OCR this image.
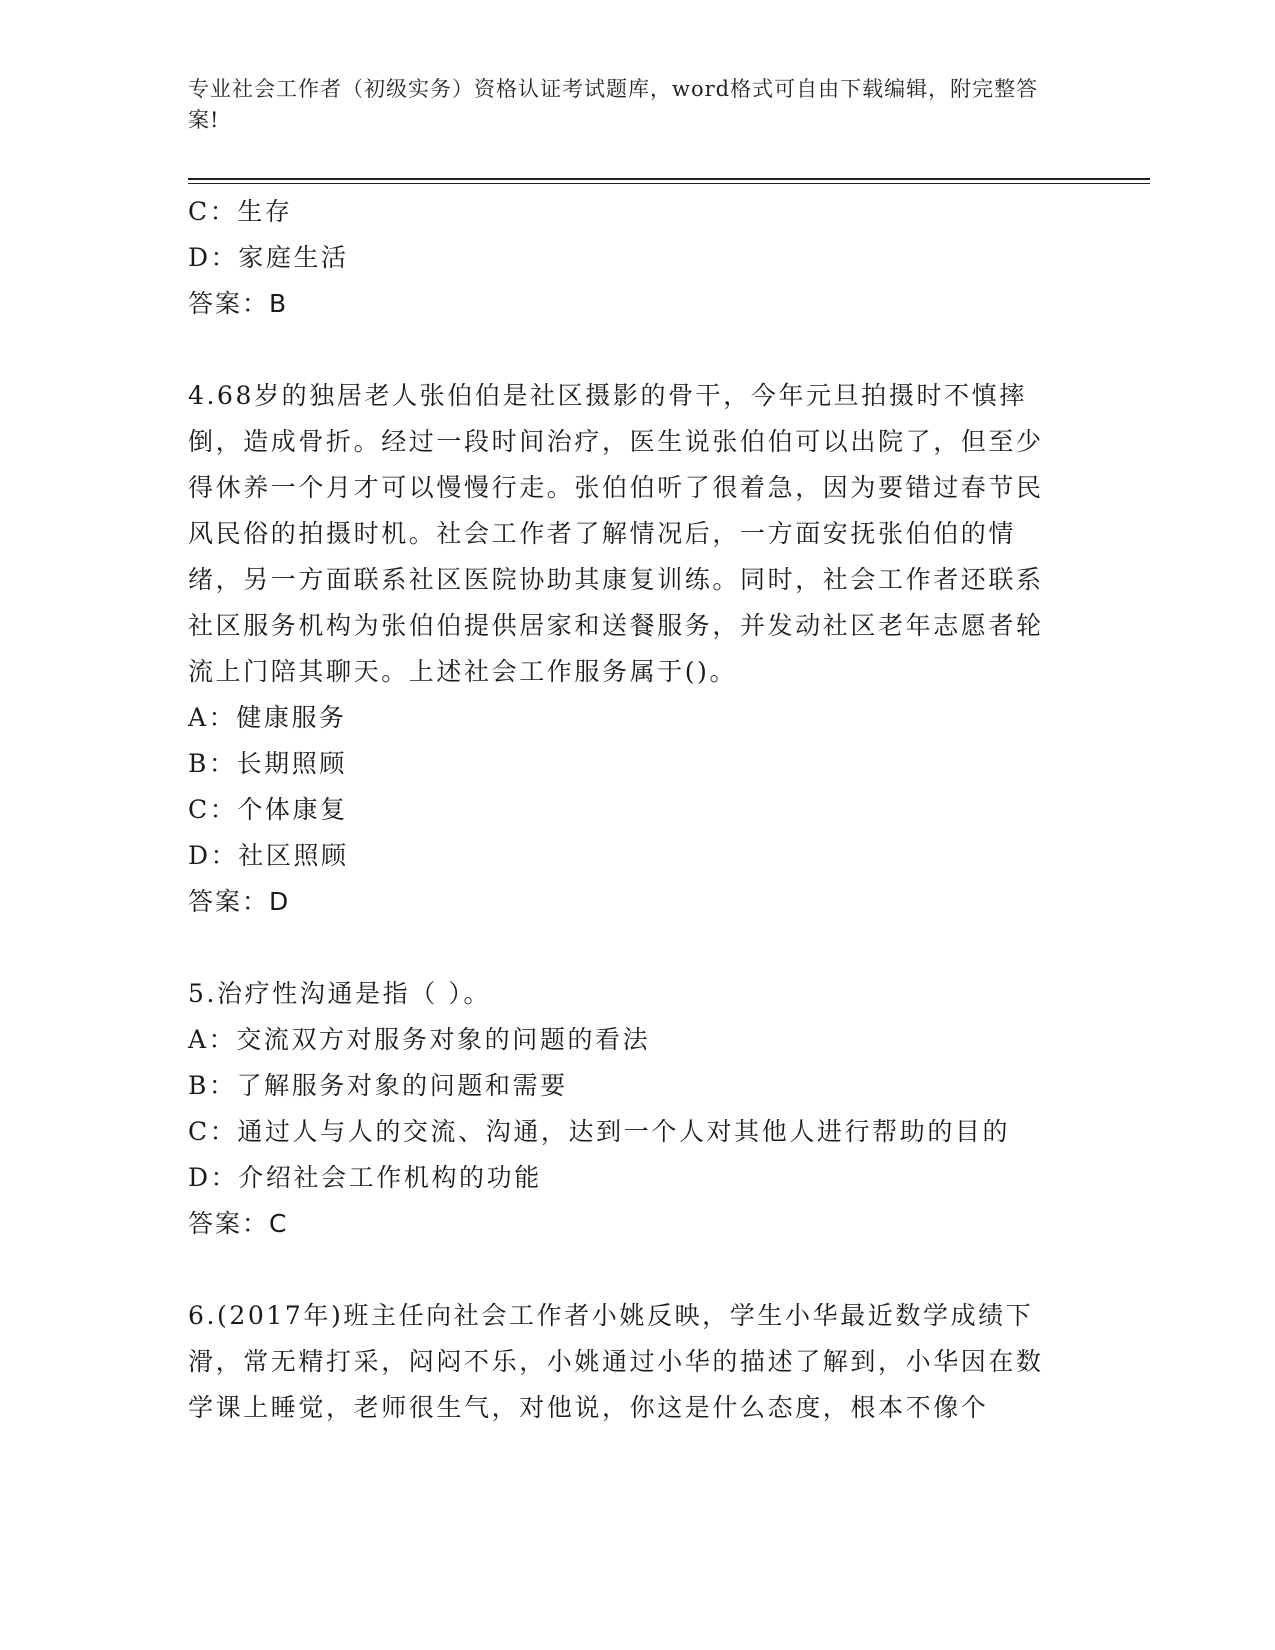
专业社会工作者（初级实务）资格认证考试题库，word格式可自由下载编辑，附完整答案!

C：生存

D：家庭生活

答案：B

4.68岁的独居老人张伯伯是社区摄影的骨干，今年元旦拍摄时不慎摔倒，造成骨折。经过一段时间治疗，医生说张伯伯可以出院了，但至少得休养一个月才可以慢慢行走。张伯伯听了很着急，因为要错过春节民风民俗的拍摄时机。社会工作者了解情况后，一方面安抚张伯伯的情绪，另一方面联系社区医院协助其康复训练。同时，社会工作者还联系社区服务机构为张伯伯提供居家和送餐服务，并发动社区老年志愿者轮流上门陪其聊天。上述社会工作服务属于()。

A：健康服务

B：长期照顾

C：个体康复

D：社区照顾

答案：D

5.治疗性沟通是指（ ）。

A：交流双方对服务对象的问题的看法

B：了解服务对象的问题和需要

C：通过人与人的交流、沟通，达到一个人对其他人进行帮助的目的

D：介绍社会工作机构的功能

答案：C

6.(2017年)班主任向社会工作者小姚反映，学生小华最近数学成绩下滑，常无精打采，闷闷不乐，小姚通过小华的描述了解到，小华因在数学课上睡觉，老师很生气，对他说，你这是什么态度，根本不像个
